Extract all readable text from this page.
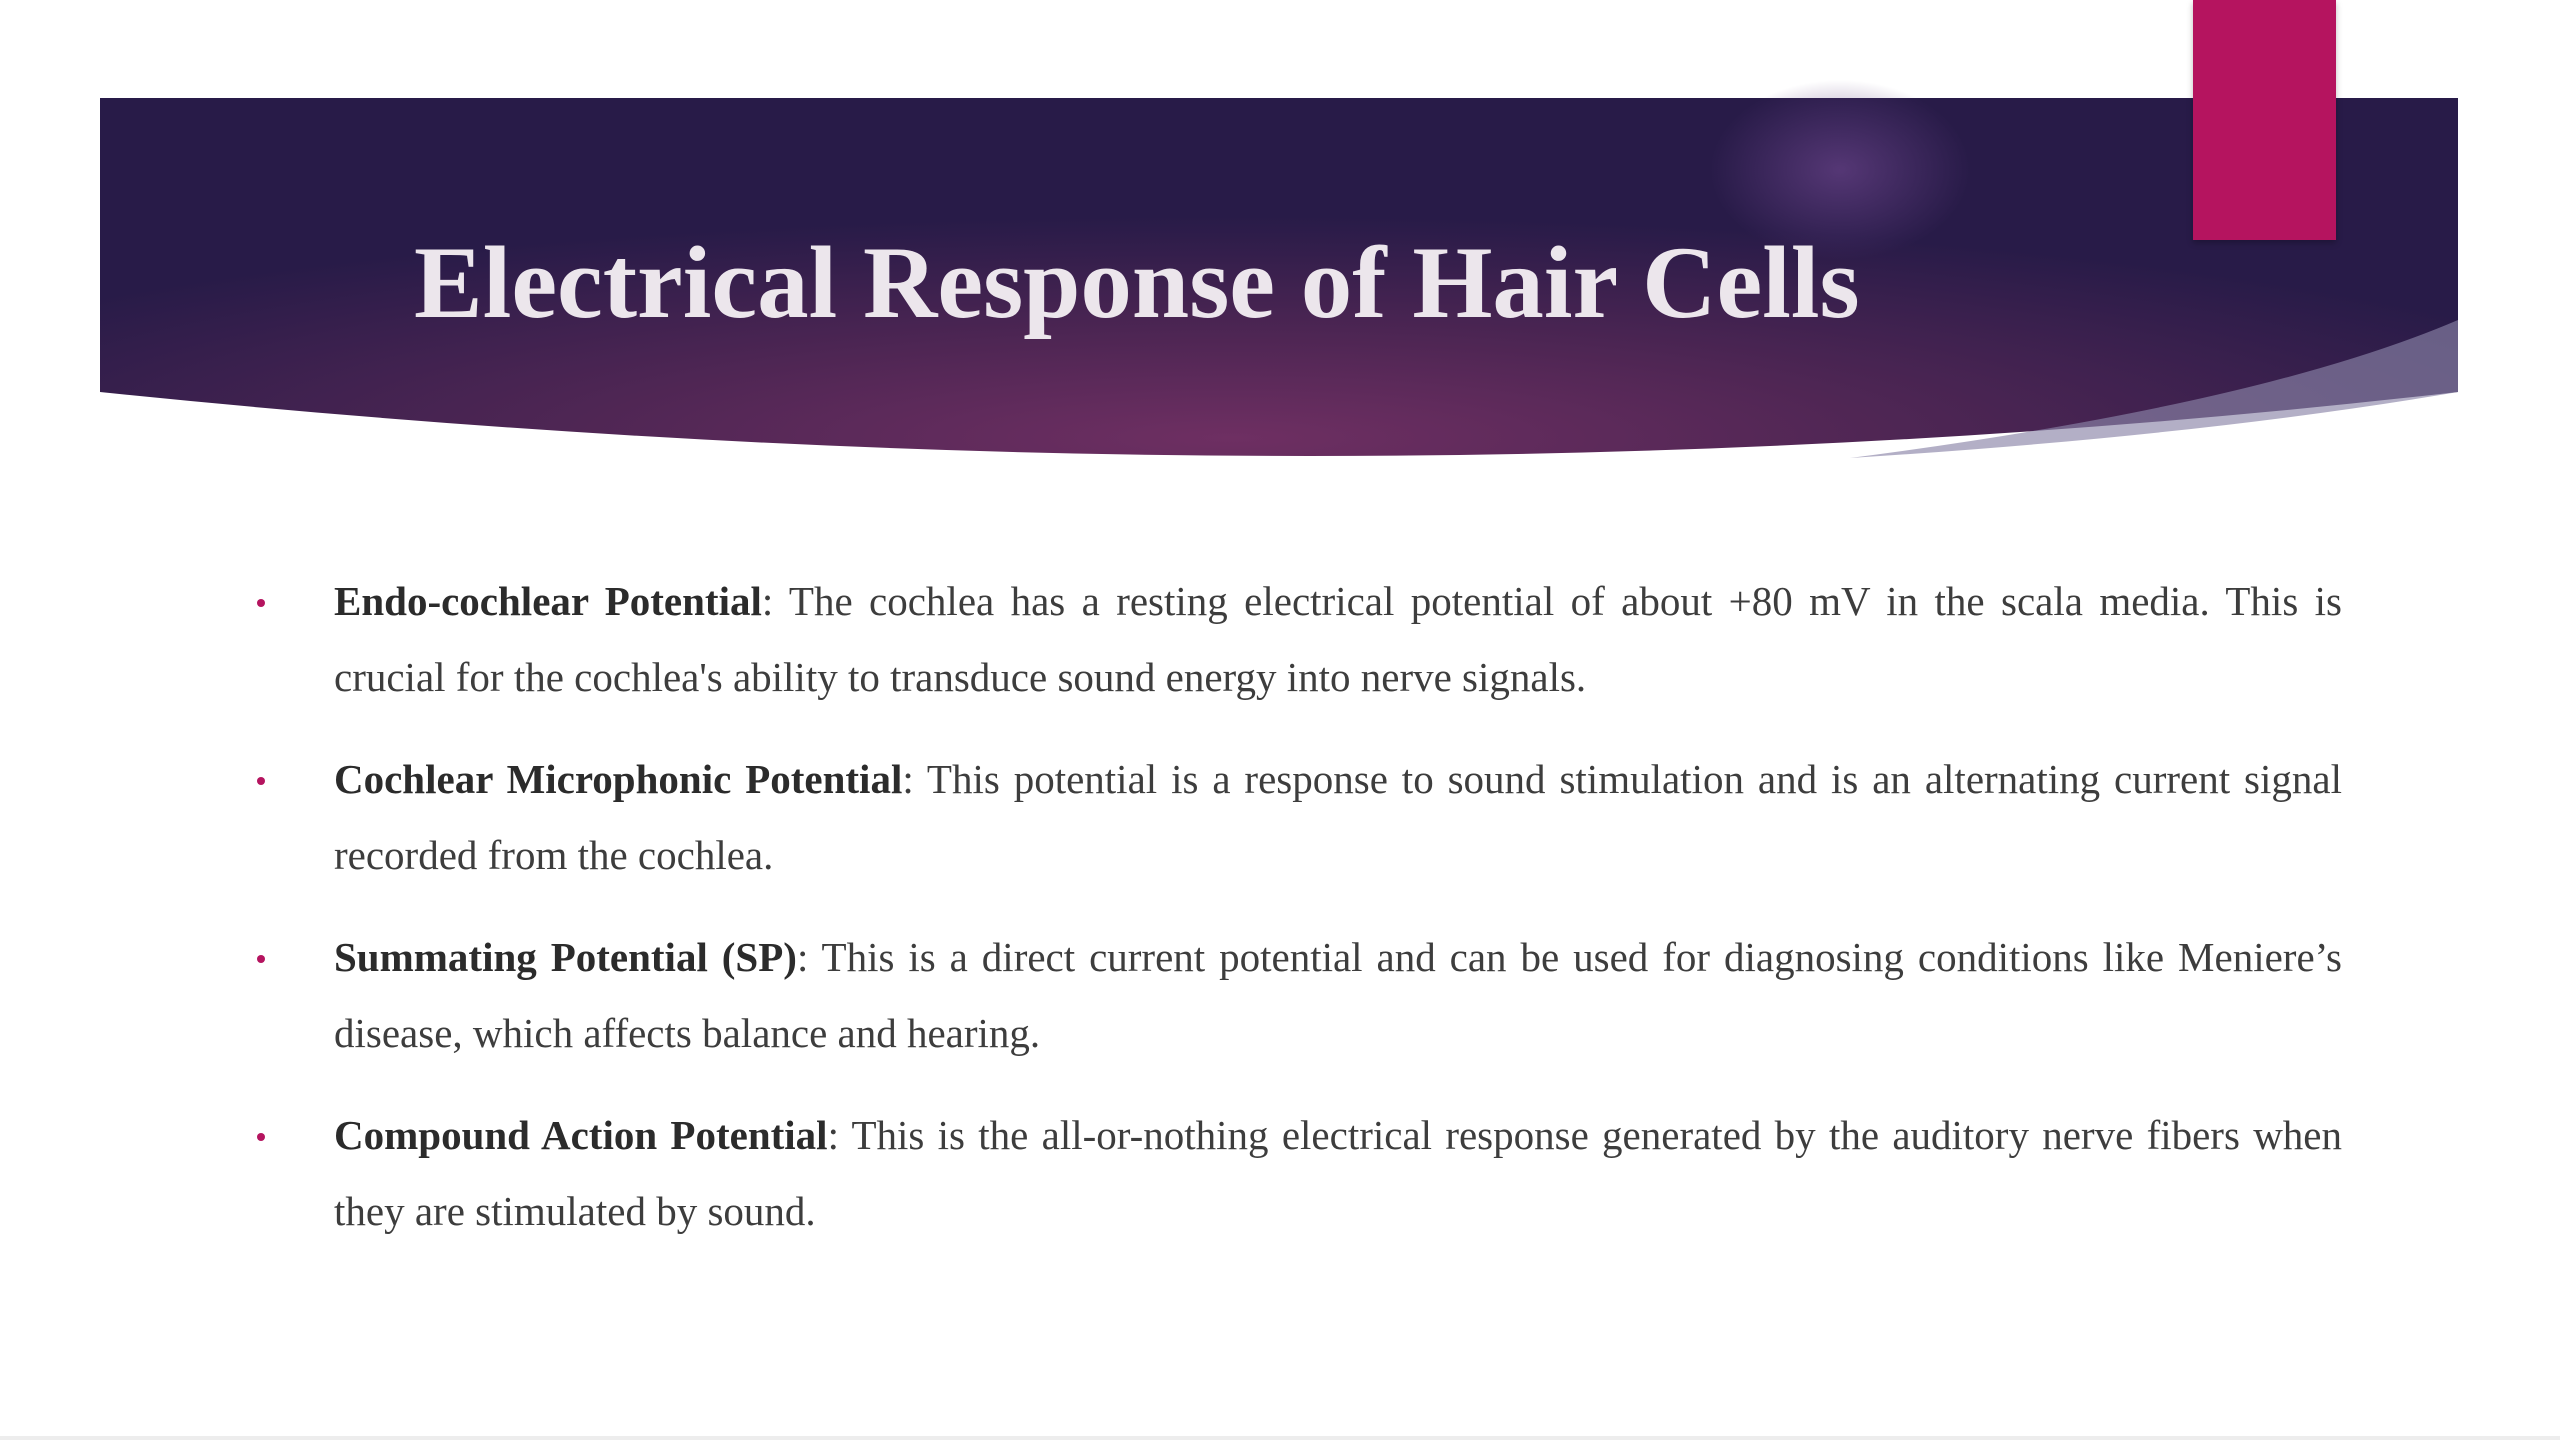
Electrical Response of Hair Cells
Endo-cochlear Potential: The cochlea has a resting electrical potential of about +80 mV in the scala media. This is crucial for the cochlea's ability to transduce sound energy into nerve signals.
Cochlear Microphonic Potential: This potential is a response to sound stimulation and is an alternating current signal recorded from the cochlea.
Summating Potential (SP): This is a direct current potential and can be used for diagnosing conditions like Meniere’s disease, which affects balance and hearing.
Compound Action Potential: This is the all-or-nothing electrical response generated by the auditory nerve fibers when they are stimulated by sound.
